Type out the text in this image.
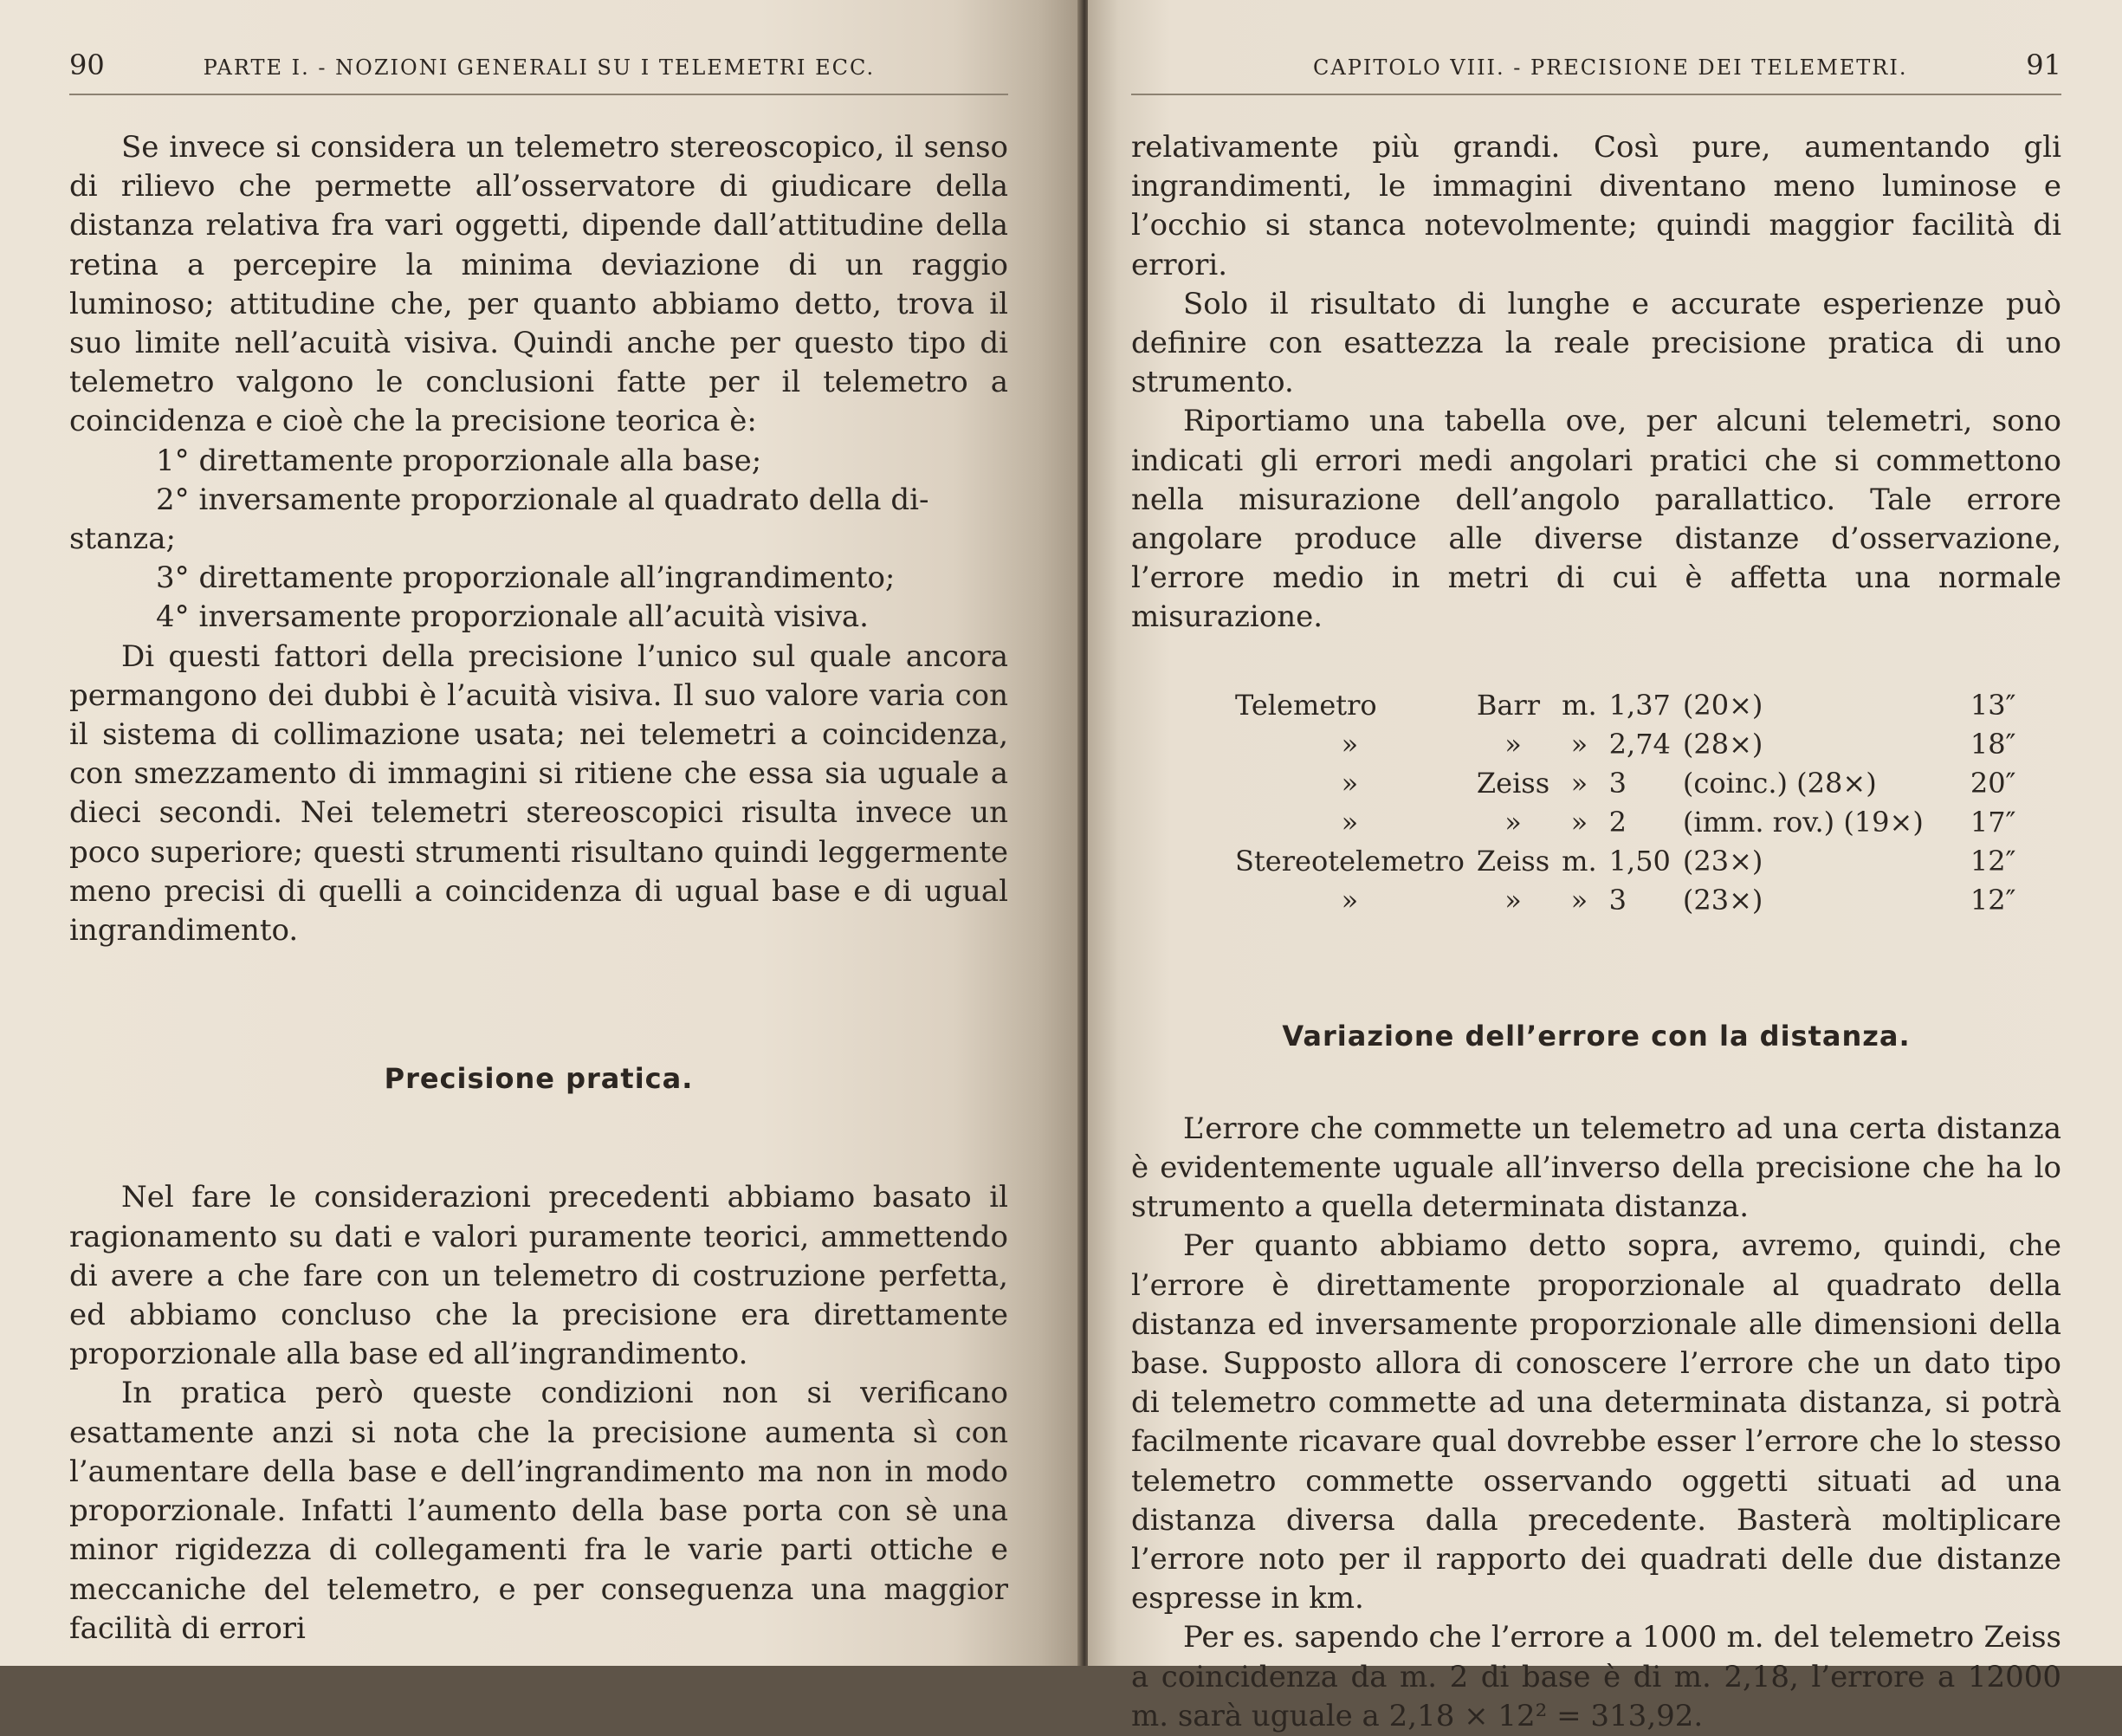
90	PARTE I. - NOZIONI GENERALI SU I TELEMETRI ECC.

Se invece si considera un telemetro stereoscopico, il senso di rilievo che permette all’osservatore di giudicare della distanza relativa fra vari oggetti, dipende dall’attitudine della retina a percepire la minima deviazione di un raggio luminoso; attitudine che, per quanto abbiamo detto, trova il suo limite nell’acuità visiva. Quindi anche per questo tipo di telemetro valgono le conclusioni fatte per il telemetro a coincidenza e cioè che la precisione teorica è:

1° direttamente proporzionale alla base;

2° inversamente proporzionale al quadrato della di-

stanza;

3° direttamente proporzionale all’ingrandimento;

4° inversamente proporzionale all’acuità visiva.

Di questi fattori della precisione l’unico sul quale ancora permangono dei dubbi è l’acuità visiva. Il suo valore varia con il sistema di collimazione usata; nei telemetri a coincidenza, con smezzamento di immagini si ritiene che essa sia uguale a dieci secondi. Nei telemetri stereoscopici risulta invece un poco superiore; questi strumenti risultano quindi leggermente meno precisi di quelli a coincidenza di ugual base e di ugual ingrandimento.

Precisione pratica.

Nel fare le considerazioni precedenti abbiamo basato il ragionamento su dati e valori puramente teorici, ammettendo di avere a che fare con un telemetro di costruzione perfetta, ed abbiamo concluso che la precisione era direttamente proporzionale alla base ed all’ingrandimento.

In pratica però queste condizioni non si verificano esattamente anzi si nota che la precisione aumenta sì con l’aumentare della base e dell’ingrandimento ma non in modo proporzionale. Infatti l’aumento della base porta con sè una minor rigidezza di collegamenti fra le varie parti ottiche e meccaniche del telemetro, e per conseguenza una maggior facilità di errori

CAPITOLO VIII. - PRECISIONE DEI TELEMETRI.	91

relativamente più grandi. Così pure, aumentando gli ingrandimenti, le immagini diventano meno luminose e l’occhio si stanca notevolmente; quindi maggior facilità di errori.

Solo il risultato di lunghe e accurate esperienze può definire con esattezza la reale precisione pratica di uno strumento.

Riportiamo una tabella ove, per alcuni telemetri, sono indicati gli errori medi angolari pratici che si commettono nella misurazione dell’angolo parallattico. Tale errore angolare produce alle diverse distanze d’osservazione, l’errore medio in metri di cui è affetta una normale misurazione.

Telemetro	Barr	m.	1,37	(20×)	13″
»	»	»	2,74	(28×)	18″
»	Zeiss	»	3	(coinc.) (28×)	20″
»	»	»	2	(imm. rov.) (19×)	17″
Stereotelemetro	Zeiss	m.	1,50	(23×)	12″
»	»	»	3	(23×)	12″
Variazione dell’errore con la distanza.

L’errore che commette un telemetro ad una certa distanza è evidentemente uguale all’inverso della precisione che ha lo strumento a quella determinata distanza.

Per quanto abbiamo detto sopra, avremo, quindi, che l’errore è direttamente proporzionale al quadrato della distanza ed inversamente proporzionale alle dimensioni della base. Supposto allora di conoscere l’errore che un dato tipo di telemetro commette ad una determinata distanza, si potrà facilmente ricavare qual dovrebbe esser l’errore che lo stesso telemetro commette osservando oggetti situati ad una distanza diversa dalla precedente. Basterà moltiplicare l’errore noto per il rapporto dei quadrati delle due distanze espresse in km.

Per es. sapendo che l’errore a 1000 m. del telemetro Zeiss a coincidenza da m. 2 di base è di m. 2,18, l’errore a 12000 m. sarà uguale a 2,18 × 12² = 313,92.
